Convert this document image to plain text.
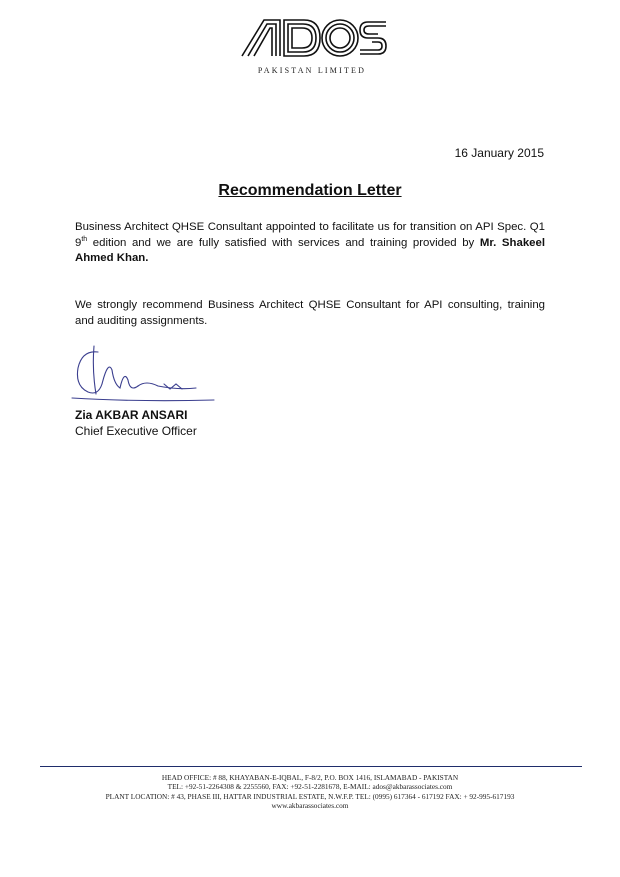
PAKISTAN LIMITED
16 January 2015
Recommendation Letter
Business Architect QHSE Consultant appointed to facilitate us for transition on API Spec. Q1 9th edition and we are fully satisfied with services and training provided by Mr. Shakeel Ahmed Khan.
We strongly recommend Business Architect QHSE Consultant for API consulting, training and auditing assignments.
Zia AKBAR ANSARI
Chief Executive Officer
HEAD OFFICE: # 88, KHAYABAN-E-IQBAL, F-8/2, P.O. BOX 1416, ISLAMABAD - PAKISTAN
TEL: +92-51-2264308 & 2255560, FAX: +92-51-2281678, E-MAIL: ados@akbarassociates.com
PLANT LOCATION: # 43, PHASE III, HATTAR INDUSTRIAL ESTATE, N.W.F.P. TEL: (0995) 617364 - 617192 FAX: + 92-995-617193
www.akbarassociates.com
